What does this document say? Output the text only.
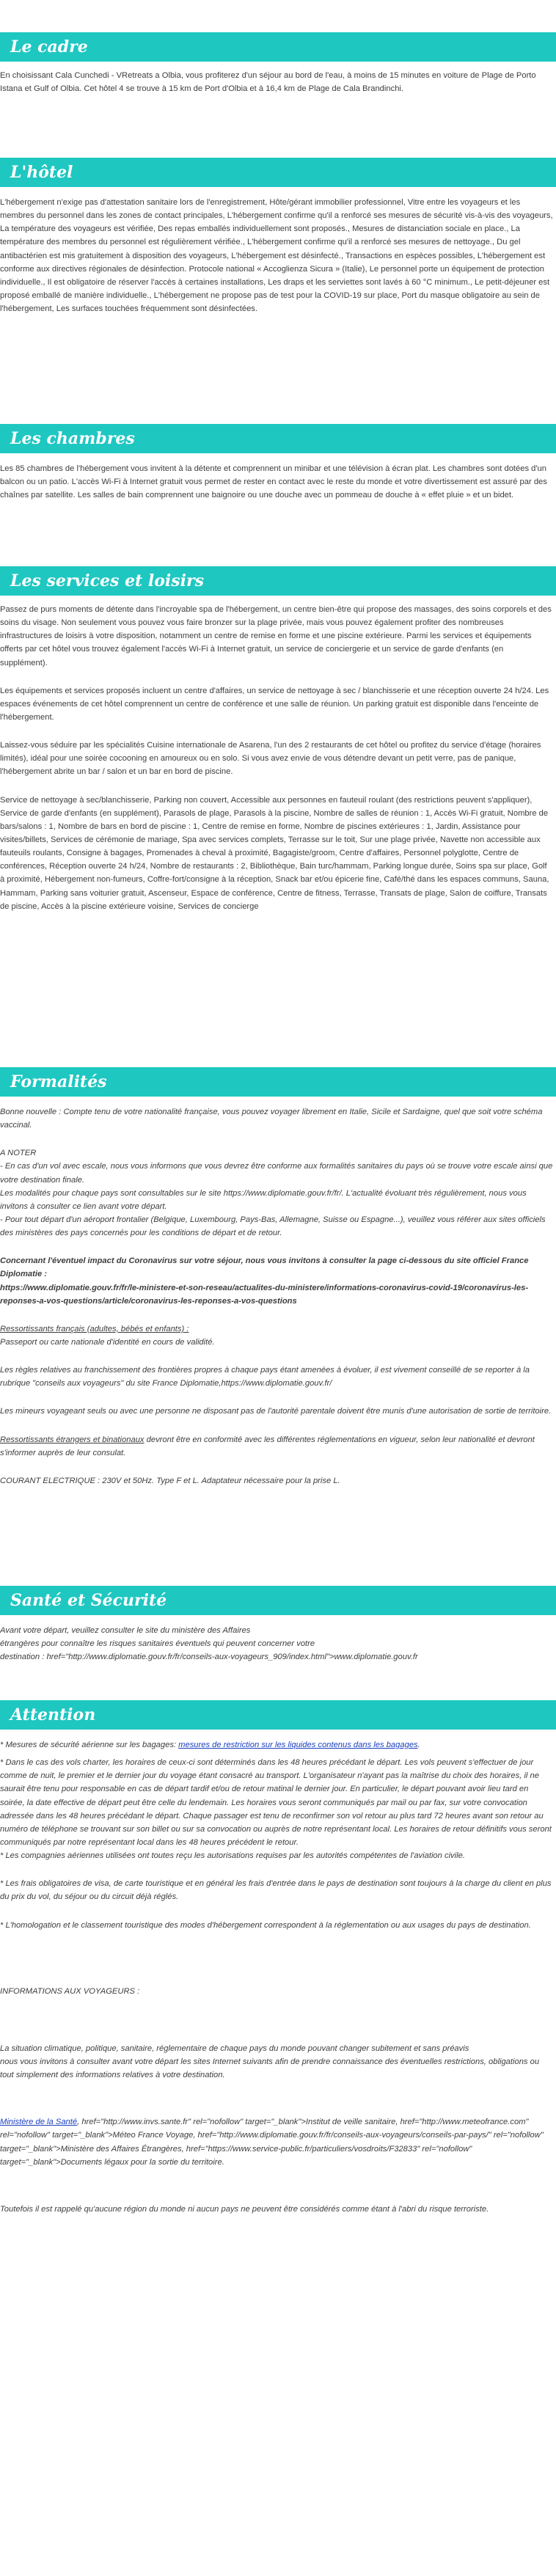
Le cadre

En choisissant Cala Cunchedi - VRetreats a Olbia, vous profiterez d'un séjour au bord de l'eau, à moins de 15 minutes en voiture de Plage de Porto Istana et Gulf of Olbia. Cet hôtel 4 se trouve à 15 km de Port d'Olbia et à 16,4 km de Plage de Cala Brandinchi.

L'hôtel

L'hébergement n'exige pas d'attestation sanitaire lors de l'enregistrement, Hôte/gérant immobilier professionnel, Vitre entre les voyageurs et les membres du personnel dans les zones de contact principales, L'hébergement confirme qu'il a renforcé ses mesures de sécurité vis-à-vis des voyageurs, La température des voyageurs est vérifiée, Des repas emballés individuellement sont proposés., Mesures de distanciation sociale en place., La température des membres du personnel est régulièrement vérifiée., L'hébergement confirme qu'il a renforcé ses mesures de nettoyage., Du gel antibactérien est mis gratuitement à disposition des voyageurs, L'hébergement est désinfecté., Transactions en espèces possibles, L'hébergement est conforme aux directives régionales de désinfection. Protocole national « Accoglienza Sicura » (Italie), Le personnel porte un équipement de protection individuelle., Il est obligatoire de réserver l'accès à certaines installations, Les draps et les serviettes sont lavés à 60 °C minimum., Le petit-déjeuner est proposé emballé de manière individuelle., L'hébergement ne propose pas de test pour la COVID-19 sur place, Port du masque obligatoire au sein de l'hébergement, Les surfaces touchées fréquemment sont désinfectées.

Les chambres

Les 85 chambres de l'hébergement vous invitent à la détente et comprennent un minibar et une télévision à écran plat. Les chambres sont dotées d'un balcon ou un patio. L'accès Wi-Fi à Internet gratuit vous permet de rester en contact avec le reste du monde et votre divertissement est assuré par des chaînes par satellite. Les salles de bain comprennent une baignoire ou une douche avec un pommeau de douche à « effet pluie » et un bidet.

Les services et loisirs

Passez de purs moments de détente dans l'incroyable spa de l'hébergement, un centre bien-être qui propose des massages, des soins corporels et des soins du visage. Non seulement vous pouvez vous faire bronzer sur la plage privée, mais vous pouvez également profiter des nombreuses infrastructures de loisirs à votre disposition, notamment un centre de remise en forme et une piscine extérieure. Parmi les services et équipements offerts par cet hôtel vous trouvez également l'accès Wi-Fi à Internet gratuit, un service de conciergerie et un service de garde d'enfants (en supplément).

Les équipements et services proposés incluent un centre d'affaires, un service de nettoyage à sec / blanchisserie et une réception ouverte 24 h/24. Les espaces événements de cet hôtel comprennent un centre de conférence et une salle de réunion. Un parking gratuit est disponible dans l'enceinte de l'hébergement.

Laissez-vous séduire par les spécialités Cuisine internationale de Asarena, l'un des 2 restaurants de cet hôtel ou profitez du service d'étage (horaires limités), idéal pour une soirée cocooning en amoureux ou en solo. Si vous avez envie de vous détendre devant un petit verre, pas de panique, l'hébergement abrite un bar / salon et un bar en bord de piscine.

Service de nettoyage à sec/blanchisserie, Parking non couvert, Accessible aux personnes en fauteuil roulant (des restrictions peuvent s'appliquer), Service de garde d'enfants (en supplément), Parasols de plage, Parasols à la piscine, Nombre de salles de réunion : 1, Accès Wi-Fi gratuit, Nombre de bars/salons : 1, Nombre de bars en bord de piscine : 1, Centre de remise en forme, Nombre de piscines extérieures : 1, Jardin, Assistance pour visites/billets, Services de cérémonie de mariage, Spa avec services complets, Terrasse sur le toit, Sur une plage privée, Navette non accessible aux fauteuils roulants, Consigne à bagages, Promenades à cheval à proximité, Bagagiste/groom, Centre d'affaires, Personnel polyglotte, Centre de conférences, Réception ouverte 24 h/24, Nombre de restaurants : 2, Bibliothèque, Bain turc/hammam, Parking longue durée, Soins spa sur place, Golf à proximité, Hébergement non-fumeurs, Coffre-fort/consigne à la réception, Snack bar et/ou épicerie fine, Café/thé dans les espaces communs, Sauna, Hammam, Parking sans voiturier gratuit, Ascenseur, Espace de conférence, Centre de fitness, Terrasse, Transats de plage, Salon de coiffure, Transats de piscine, Accès à la piscine extérieure voisine, Services de concierge

Formalités

Bonne nouvelle : Compte tenu de votre nationalité française, vous pouvez voyager librement en Italie, Sicile et Sardaigne, quel que soit votre schéma vaccinal.

A NOTER
- En cas d'un vol avec escale, nous vous informons que vous devrez être conforme aux formalités sanitaires du pays où se trouve votre escale ainsi que votre destination finale.
Les modalités pour chaque pays sont consultables sur le site https://www.diplomatie.gouv.fr/fr/. L'actualité évoluant très régulièrement, nous vous invitons à consulter ce lien avant votre départ.
- Pour tout départ d'un aéroport frontalier (Belgique, Luxembourg, Pays-Bas, Allemagne, Suisse ou Espagne...), veuillez vous référer aux sites officiels des ministères des pays concernés pour les conditions de départ et de retour.

Concernant l'éventuel impact du Coronavirus sur votre séjour, nous vous invitons à consulter la page ci-dessous du site officiel France Diplomatie :
https://www.diplomatie.gouv.fr/fr/le-ministere-et-son-reseau/actualites-du-ministere/informations-coronavirus-covid-19/coronavirus-les-reponses-a-vos-questions/article/coronavirus-les-reponses-a-vos-questions

Ressortissants français (adultes, bébés et enfants) :
Passeport ou carte nationale d'identité en cours de validité.

Les règles relatives au franchissement des frontières propres à chaque pays étant amenées à évoluer, il est vivement conseillé de se reporter à la rubrique "conseils aux voyageurs" du site France Diplomatie,https://www.diplomatie.gouv.fr/

Les mineurs voyageant seuls ou avec une personne ne disposant pas de l'autorité parentale doivent être munis d'une autorisation de sortie de territoire.

Ressortissants étrangers et binationaux devront être en conformité avec les différentes réglementations en vigueur, selon leur nationalité et devront s'informer auprès de leur consulat.

COURANT ELECTRIQUE : 230V et 50Hz. Type F et L. Adaptateur nécessaire pour la prise L.

Santé et Sécurité

Avant votre départ, veuillez consulter le site du ministère des Affaires
étrangères pour connaître les risques sanitaires éventuels qui peuvent concerner votre
destination : href="http://www.diplomatie.gouv.fr/fr/conseils-aux-voyageurs_909/index.html">www.diplomatie.gouv.fr

Attention

* Mesures de sécurité aérienne sur les bagages: mesures de restriction sur les liquides contenus dans les bagages.

* Dans le cas des vols charter, les horaires de ceux-ci sont déterminés dans les 48 heures précédant le départ. Les vols peuvent s'effectuer de jour comme de nuit, le premier et le dernier jour du voyage étant consacré au transport. L'organisateur n'ayant pas la maîtrise du choix des horaires, il ne saurait être tenu pour responsable en cas de départ tardif et/ou de retour matinal le dernier jour. En particulier, le départ pouvant avoir lieu tard en soirée, la date effective de départ peut être celle du lendemain. Les horaires vous seront communiqués par mail ou par fax, sur votre convocation adressée dans les 48 heures précédant le départ. Chaque passager est tenu de reconfirmer son vol retour au plus tard 72 heures avant son retour au numéro de téléphone se trouvant sur son billet ou sur sa convocation ou auprès de notre représentant local. Les horaires de retour définitifs vous seront communiqués par notre représentant local dans les 48 heures précédent le retour.
* Les compagnies aériennes utilisées ont toutes reçu les autorisations requises par les autorités compétentes de l'aviation civile.

* Les frais obligatoires de visa, de carte touristique et en général les frais d'entrée dans le pays de destination sont toujours à la charge du client en plus du prix du vol, du séjour ou du circuit déjà réglés.

* L'homologation et le classement touristique des modes d'hébergement correspondent à la réglementation ou aux usages du pays de destination.

INFORMATIONS AUX VOYAGEURS :

La situation climatique, politique, sanitaire, réglementaire de chaque pays du monde pouvant changer subitement et sans préavis
nous vous invitons à consulter avant votre départ les sites Internet suivants afin de prendre connaissance des éventuelles restrictions, obligations ou tout simplement des informations relatives à votre destination.

Ministère de la Santé, href="http://www.invs.sante.fr" rel="nofollow" target="_blank">Institut de veille sanitaire, href="http://www.meteofrance.com" rel="nofollow" target="_blank">Méteo France Voyage, href="http://www.diplomatie.gouv.fr/fr/conseils-aux-voyageurs/conseils-par-pays/" rel="nofollow" target="_blank">Ministère des Affaires Étrangères, href="https://www.service-public.fr/particuliers/vosdroits/F32833" rel="nofollow" target="_blank">Documents légaux pour la sortie du territoire.

Toutefois il est rappelé qu'aucune région du monde ni aucun pays ne peuvent être considérés comme étant à l'abri du risque terroriste.
